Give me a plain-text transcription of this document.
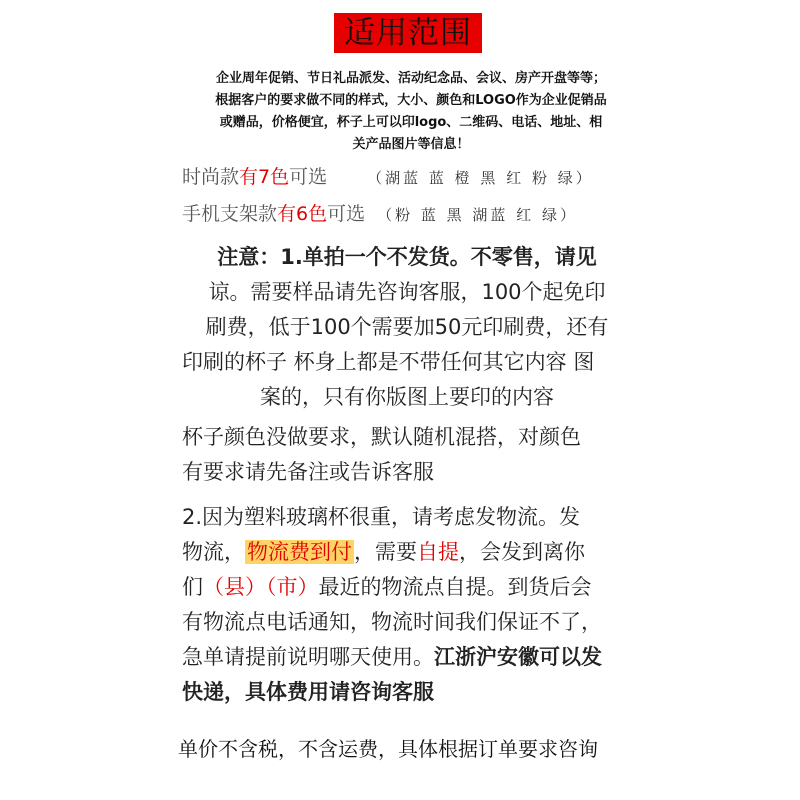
适用范围
企业周年促销、节日礼品派发、活动纪念品、会议、房产开盘等等；
根据客户的要求做不同的样式，大小、颜色和LOGO作为企业促销品
或赠品，价格便宜，杯子上可以印logo、二维码、电话、地址、相
关产品图片等信息！
时尚款有7色可选	（湖蓝 蓝 橙 黑 红 粉 绿）
手机支架款有6色可选 （粉 蓝 黑 湖蓝 红 绿）
注意：1.单拍一个不发货。不零售，请见
谅。需要样品请先咨询客服，100个起免印
刷费，低于100个需要加50元印刷费，还有
印刷的杯子 杯身上都是不带任何其它内容 图
案的，只有你版图上要印的内容
杯子颜色没做要求，默认随机混搭，对颜色
有要求请先备注或告诉客服
2.因为塑料玻璃杯很重，请考虑发物流。发
物流，物流费到付，需要自提，会发到离你
们（县）（市）最近的物流点自提。到货后会
有物流点电话通知，物流时间我们保证不了，
急单请提前说明哪天使用。江浙沪安徽可以发
快递，具体费用请咨询客服
单价不含税，不含运费，具体根据订单要求咨询
